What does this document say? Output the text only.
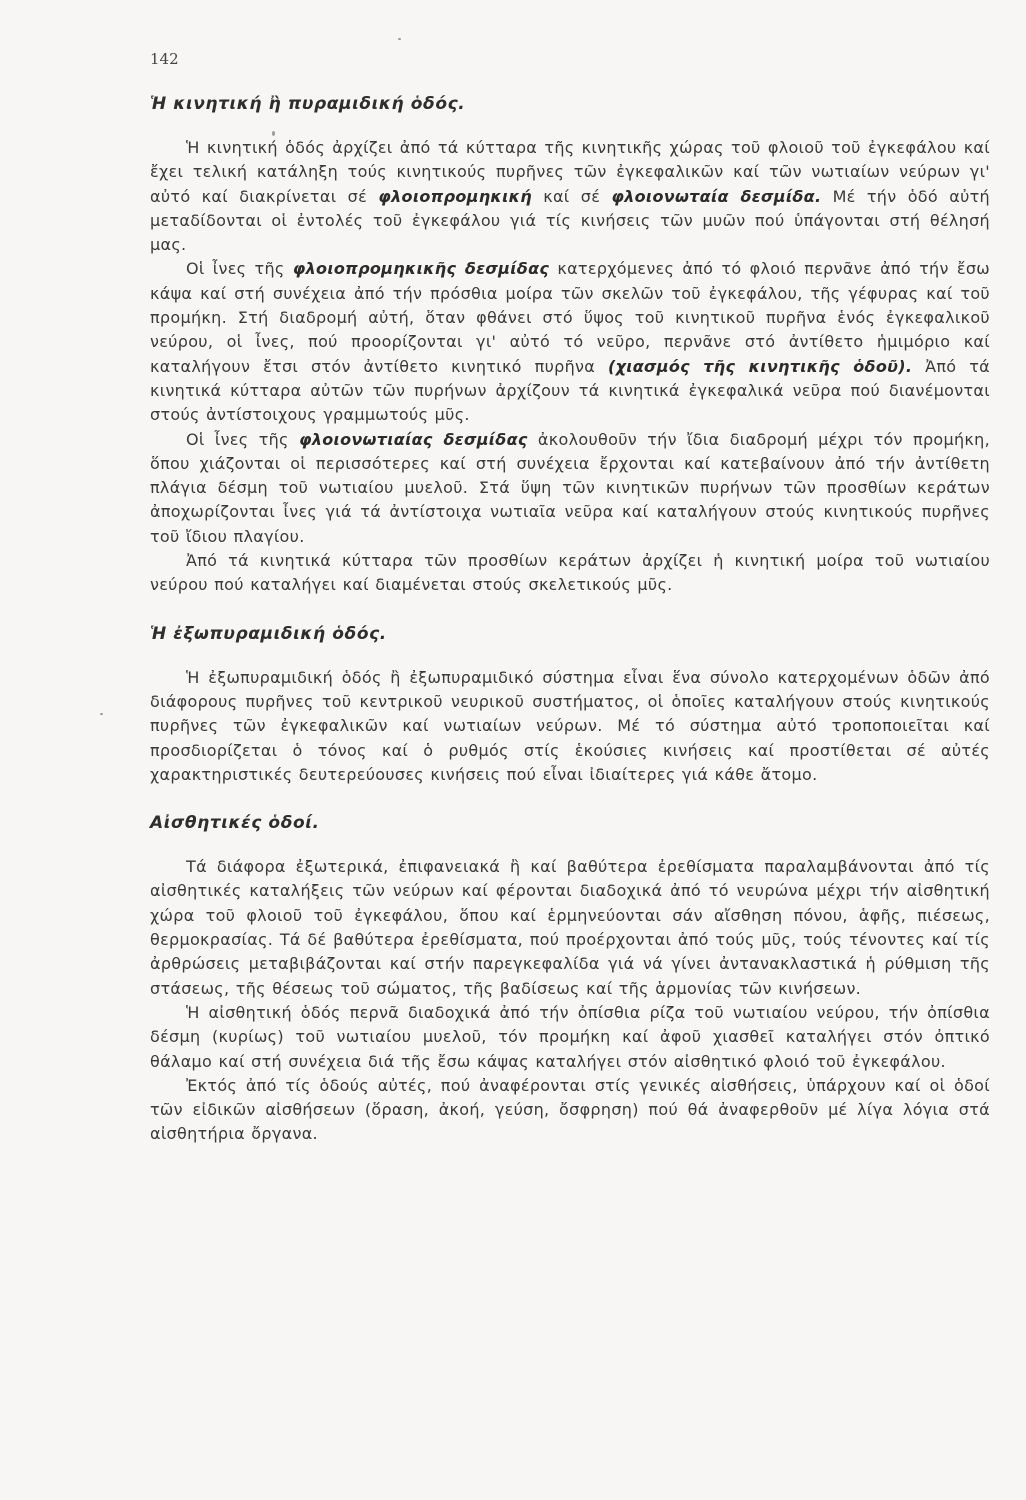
142
Ἡ κινητική ἢ πυραμιδική ὁδός.

Ἡ κινητική ὁδός ἀρχίζει ἀπό τά κύτταρα τῆς κινητικῆς χώρας τοῦ φλοιοῦ τοῦ ἐγκεφάλου καί ἔχει τελική κατάληξη τούς κινητικούς πυρῆνες τῶν ἐγκεφαλικῶν καί τῶν νωτιαίων νεύρων γι' αὐτό καί διακρίνεται σέ φλοιοπρομηκική καί σέ φλοιονωταία δεσμίδα. Μέ τήν ὁδό αὐτή μεταδίδονται οἱ ἐντολές τοῦ ἐγκεφάλου γιά τίς κινήσεις τῶν μυῶν πού ὑπάγονται στή θέλησή μας.

Οἱ ἶνες τῆς φλοιοπρομηκικῆς δεσμίδας κατερχόμενες ἀπό τό φλοιό περνᾶνε ἀπό τήν ἔσω κάψα καί στή συνέχεια ἀπό τήν πρόσθια μοίρα τῶν σκελῶν τοῦ ἐγκεφάλου, τῆς γέφυρας καί τοῦ προμήκη. Στή διαδρομή αὐτή, ὅταν φθάνει στό ὕψος τοῦ κινητικοῦ πυρῆνα ἑνός ἐγκεφαλικοῦ νεύρου, οἱ ἶνες, πού προορίζονται γι' αὐτό τό νεῦρο, περνᾶνε στό ἀντίθετο ἡμιμόριο καί καταλήγουν ἔτσι στόν ἀντίθετο κινητικό πυρῆνα (χιασμός τῆς κινητικῆς ὁδοῦ). Ἀπό τά κινητικά κύτταρα αὐτῶν τῶν πυρήνων ἀρχίζουν τά κινητικά ἐγκεφαλικά νεῦρα πού διανέμονται στούς ἀντίστοιχους γραμμωτούς μῦς.

Οἱ ἶνες τῆς φλοιονωτιαίας δεσμίδας ἀκολουθοῦν τήν ἴδια διαδρομή μέχρι τόν προμήκη, ὅπου χιάζονται οἱ περισσότερες καί στή συνέχεια ἔρχονται καί κατεβαίνουν ἀπό τήν ἀντίθετη πλάγια δέσμη τοῦ νωτιαίου μυελοῦ. Στά ὕψη τῶν κινητικῶν πυρήνων τῶν προσθίων κεράτων ἀποχωρίζονται ἶνες γιά τά ἀντίστοιχα νωτιαῖα νεῦρα καί καταλήγουν στούς κινητικούς πυρῆνες τοῦ ἴδιου πλαγίου.

Ἀπό τά κινητικά κύτταρα τῶν προσθίων κεράτων ἀρχίζει ἡ κινητική μοίρα τοῦ νωτιαίου νεύρου πού καταλήγει καί διαμένεται στούς σκελετικούς μῦς.

Ἡ ἐξωπυραμιδική ὁδός.

Ἡ ἐξωπυραμιδική ὁδός ἢ ἐξωπυραμιδικό σύστημα εἶναι ἕνα σύνολο κατερχομένων ὁδῶν ἀπό διάφορους πυρῆνες τοῦ κεντρικοῦ νευρικοῦ συστήματος, οἱ ὁποῖες καταλήγουν στούς κινητικούς πυρῆνες τῶν ἐγκεφαλικῶν καί νωτιαίων νεύρων. Μέ τό σύστημα αὐτό τροποποιεῖται καί προσδιορίζεται ὁ τόνος καί ὁ ρυθμός στίς ἑκούσιες κινήσεις καί προστίθεται σέ αὐτές χαρακτηριστικές δευτερεύουσες κινήσεις πού εἶναι ἰδιαίτερες γιά κάθε ἄτομο.

Αἰσθητικές ὁδοί.

Τά διάφορα ἐξωτερικά, ἐπιφανειακά ἢ καί βαθύτερα ἐρεθίσματα παραλαμβάνονται ἀπό τίς αἰσθητικές καταλήξεις τῶν νεύρων καί φέρονται διαδοχικά ἀπό τό νευρώνα μέχρι τήν αἰσθητική χώρα τοῦ φλοιοῦ τοῦ ἐγκεφάλου, ὅπου καί ἑρμηνεύονται σάν αἴσθηση πόνου, ἁφῆς, πιέσεως, θερμοκρασίας. Τά δέ βαθύτερα ἐρεθίσματα, πού προέρχονται ἀπό τούς μῦς, τούς τένοντες καί τίς ἀρθρώσεις μεταβιβάζονται καί στήν παρεγκεφαλίδα γιά νά γίνει ἀντανακλαστικά ἡ ρύθμιση τῆς στάσεως, τῆς θέσεως τοῦ σώματος, τῆς βαδίσεως καί τῆς ἁρμονίας τῶν κινήσεων.

Ἡ αἰσθητική ὁδός περνᾶ διαδοχικά ἀπό τήν ὀπίσθια ρίζα τοῦ νωτιαίου νεύρου, τήν ὀπίσθια δέσμη (κυρίως) τοῦ νωτιαίου μυελοῦ, τόν προμήκη καί ἀφοῦ χιασθεῖ καταλήγει στόν ὀπτικό θάλαμο καί στή συνέχεια διά τῆς ἔσω κάψας καταλήγει στόν αἰσθητικό φλοιό τοῦ ἐγκεφάλου.

Ἐκτός ἀπό τίς ὁδούς αὐτές, πού ἀναφέρονται στίς γενικές αἰσθήσεις, ὑπάρχουν καί οἱ ὁδοί τῶν εἰδικῶν αἰσθήσεων (ὅραση, ἀκοή, γεύση, ὄσφρηση) πού θά ἀναφερθοῦν μέ λίγα λόγια στά αἰσθητήρια ὄργανα.
